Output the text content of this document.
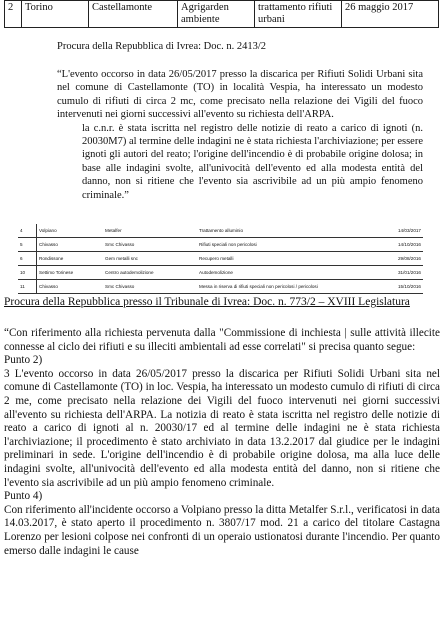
2	Torino	Castellamonte	Agrigarden ambiente	trattamento rifiuti urbani	26 maggio 2017
Procura della Repubblica di Ivrea: Doc. n. 2413/2

“L'evento occorso in data 26/05/2017 presso la discarica per Rifiuti Solidi Urbani sita nel comune di Castellamonte (TO) in località Vespia, ha interessato un modesto cumulo di rifiuti di circa 2 mc, come precisato nella relazione dei Vigili del fuoco intervenuti nei giorni successivi all'evento su richiesta dell'ARPA.

la c.n.r. è stata iscritta nel registro delle notizie di reato a carico di ignoti (n. 20030M7) al termine delle indagini ne è stata richiesta l'archiviazione; per essere ignoti gli autori del reato; l'origine dell'incendio è di probabile origine dolosa; in base alle indagini svolte, all'univocità dell'evento ed alla modesta entità del danno, non si ritiene che l'evento sia ascrivibile ad un più ampio fenomeno criminale.”

4	Volpiano	Metalfer	Trattamento alluminio	14/03/2017
5	Chivasso	Smc Chivasso	Rifiuti speciali non pericolosi	14/10/2016
6	Rondissone	Gem metalli snc	Recupero metalli	29/08/2016
10	Settimo Torinese	Centro autodemolizione	Autodemolizione	31/01/2016
11	Chivasso	Smc Chivasso	Messa in riserva di rifiuti speciali non pericolosi / pericolosi	15/10/2016
Procura della Repubblica presso il Tribunale di Ivrea: Doc. n. 773/2 – XVIII Legislatura

“Con riferimento alla richiesta pervenuta dalla "Commissione di inchiesta | sulle attività illecite connesse al ciclo dei rifiuti e su illeciti ambientali ad esse correlati" si precisa quanto segue:

Punto 2)

3 L'evento occorso in data 26/05/2017 presso la discarica per Rifiuti Solidi Urbani sita nel comune di Castellamonte (TO) in loc. Vespia, ha interessato un modesto cumulo di rifiuti di circa 2 me, come precisato nella relazione dei Vigili del fuoco intervenuti nei giorni successivi all'evento su richiesta dell'ARPA. La notizia di reato è stata iscritta nel registro delle notizie di reato a carico di ignoti al n. 20030/17 ed al termine delle indagini ne è stata richiesta l'archiviazione; il procedimento è stato archiviato in data 13.2.2017 dal giudice per le indagini preliminari in sede. L'origine dell'incendio è di probabile origine dolosa, ma alla luce delle indagini svolte, all'univocità dell'evento ed alla modesta entità del danno, non si ritiene che l'evento sia ascrivibile ad un più ampio fenomeno criminale.

Punto 4)

Con riferimento all'incidente occorso a Volpiano presso la ditta Metalfer S.r.l., verificatosi in data 14.03.2017, è stato aperto il procedimento n. 3807/17 mod. 21 a carico del titolare Castagna Lorenzo per lesioni colpose nei confronti di un operaio ustionatosi durante l'incendio. Per quanto emerso dalle indagini le cause
